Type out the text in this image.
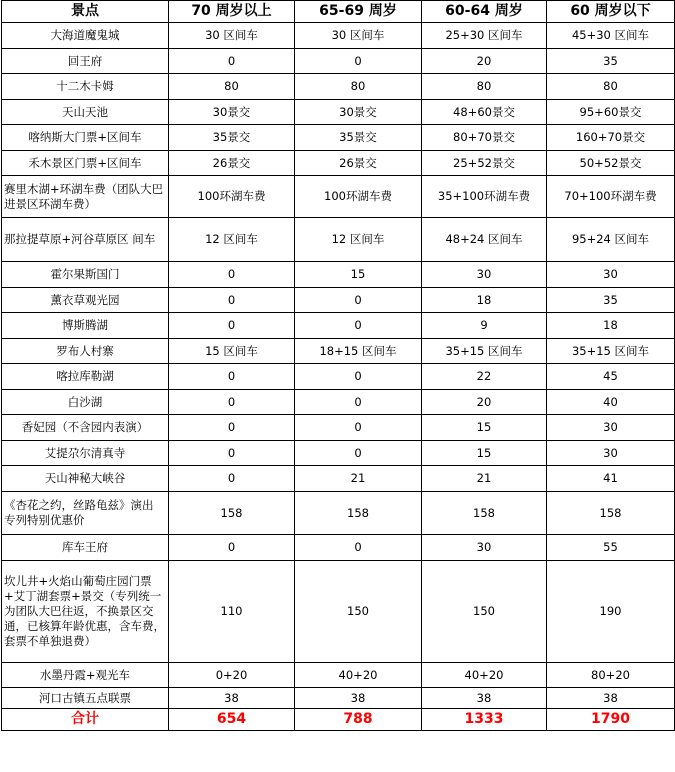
景点	70 周岁以上	65-69 周岁	60-64 周岁	60 周岁以下
大海道魔鬼城	30 区间车	30 区间车	25+30 区间车	45+30 区间车
回王府	0	0	20	35
十二木卡姆	80	80	80	80
天山天池	30景交	30景交	48+60景交	95+60景交
喀纳斯大门票+区间车	35景交	35景交	80+70景交	160+70景交
禾木景区门票+区间车	26景交	26景交	25+52景交	50+52景交
赛里木湖+环湖车费（团队大巴进景区环湖车费）	100环湖车费	100环湖车费	35+100环湖车费	70+100环湖车费
那拉提草原+河谷草原区 间车	12 区间车	12 区间车	48+24 区间车	95+24 区间车
霍尔果斯国门	0	15	30	30
薰衣草观光园	0	0	18	35
博斯腾湖	0	0	9	18
罗布人村寨	15 区间车	18+15 区间车	35+15 区间车	35+15 区间车
喀拉库勒湖	0	0	22	45
白沙湖	0	0	20	40
香妃园（不含园内表演）	0	0	15	30
艾提尕尔清真寺	0	0	15	30
天山神秘大峡谷	0	21	21	41
《杏花之约，丝路龟兹》演出 专列特别优惠价	158	158	158	158
库车王府	0	0	30	55
坎儿井+火焰山葡萄庄园门票+艾丁湖套票+景交（专列统一为团队大巴往返，不换景区交通，已核算年龄优惠，含车费，套票不单独退费）	110	150	150	190
水墨丹霞+观光车	0+20	40+20	40+20	80+20
河口古镇五点联票	38	38	38	38
合计	654	788	1333	1790
